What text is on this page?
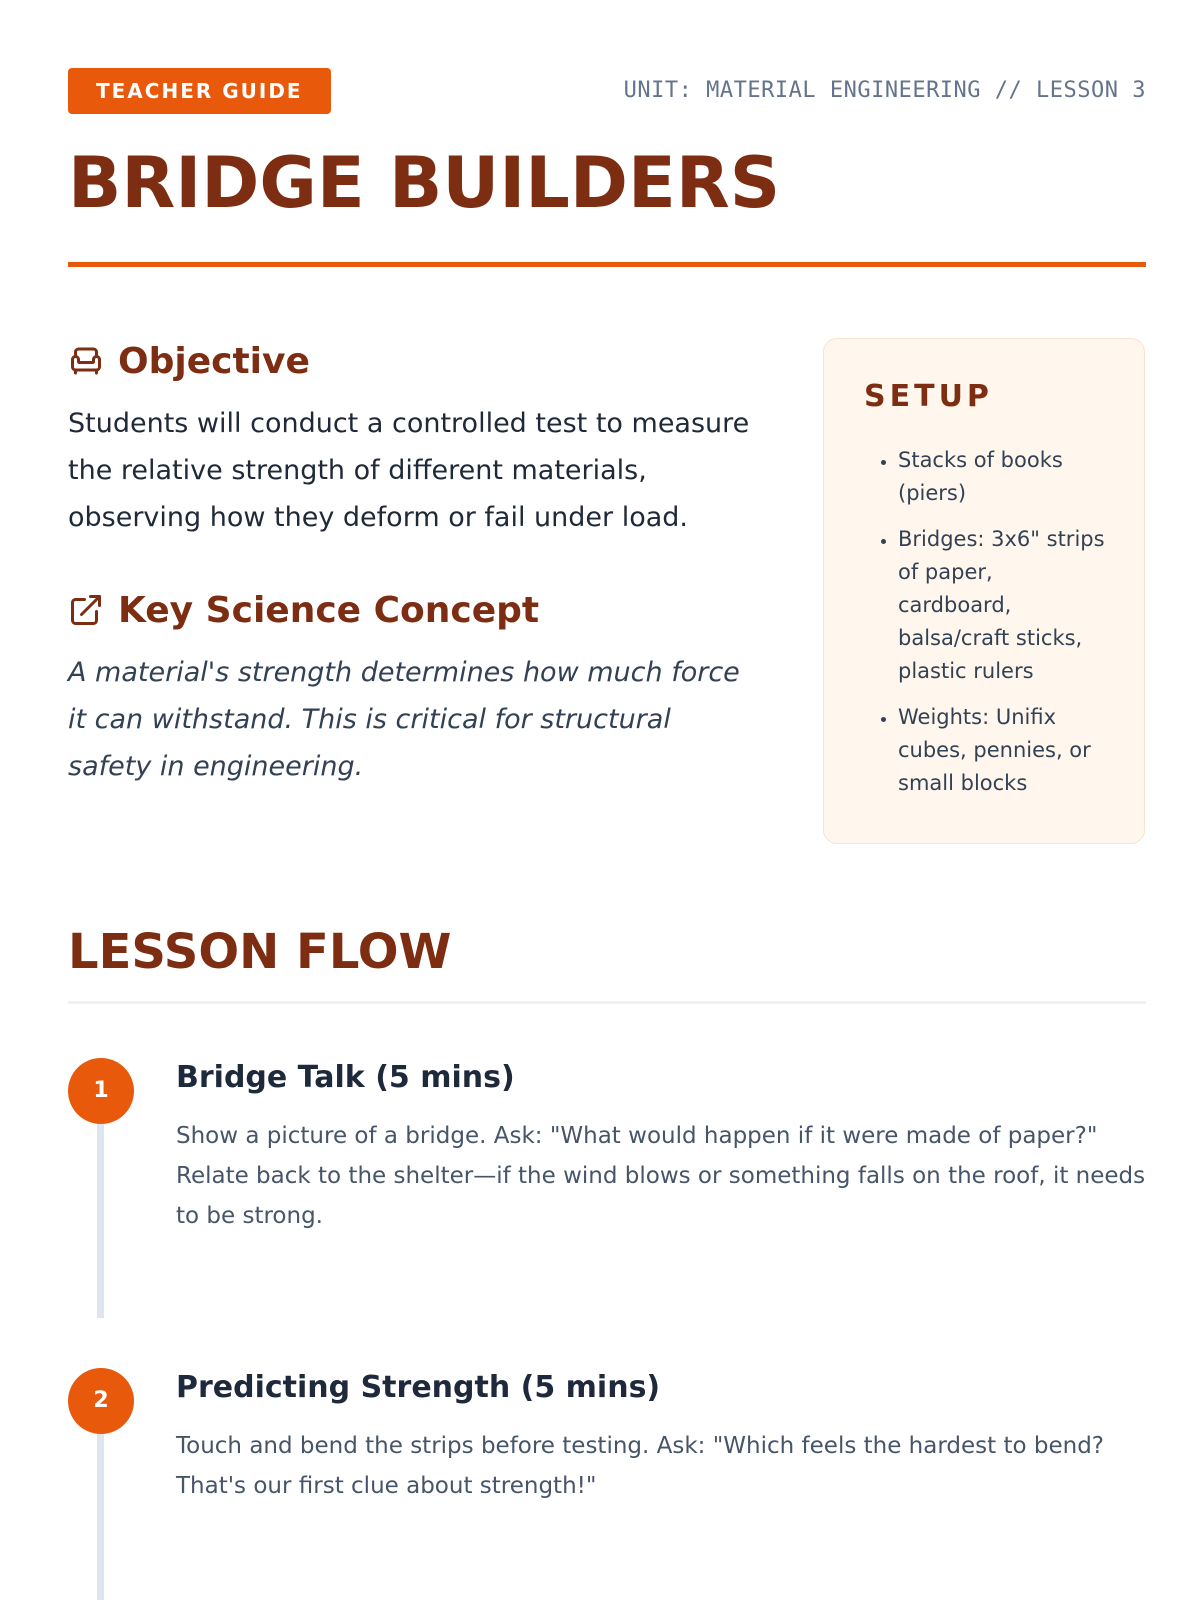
TEACHER GUIDE	UNIT: MATERIAL ENGINEERING // LESSON 3
BRIDGE BUILDERS
Objective

Students will conduct a controlled test to measure the relative strength of different materials, observing how they deform or fail under load.

Key Science Concept

A material's strength determines how much force it can withstand. This is critical for structural safety in engineering.

SETUP
• Stacks of books (piers)
• Bridges: 3x6" strips of paper, cardboard, balsa/craft sticks, plastic rulers
• Weights: Unifix cubes, pennies, or small blocks
LESSON FLOW
1	Bridge Talk (5 mins)

Show a picture of a bridge. Ask: "What would happen if it were made of paper?" Relate back to the shelter—if the wind blows or something falls on the roof, it needs to be strong.

2	Predicting Strength (5 mins)

Touch and bend the strips before testing. Ask: "Which feels the hardest to bend? That's our first clue about strength!"
